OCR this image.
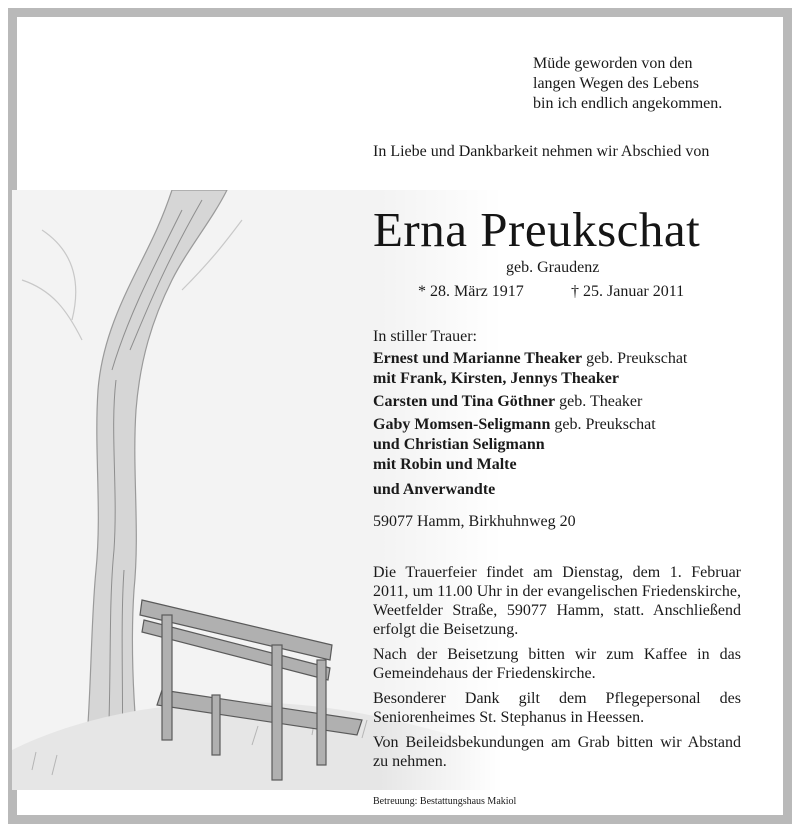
Müde geworden von den
langen Wegen des Lebens
bin ich endlich angekommen.
In Liebe und Dankbarkeit nehmen wir Abschied von
Erna Preukschat
geb. Graudenz
* 28. März 1917	† 25. Januar 2011
In stiller Trauer:
Ernest und Marianne Theaker geb. Preukschat
mit Frank, Kirsten, Jennys Theaker
Carsten und Tina Göthner geb. Theaker
Gaby Momsen-Seligmann geb. Preukschat
und Christian Seligmann
mit Robin und Malte
und Anverwandte
59077 Hamm, Birkhuhnweg 20

Die Trauerfeier findet am Dienstag, dem 1. Februar 2011, um 11.00 Uhr in der evangelischen Friedenskirche, Weetfelder Straße, 59077 Hamm, statt. Anschließend erfolgt die Beisetzung.

Nach der Beisetzung bitten wir zum Kaffee in das Gemeindehaus der Friedenskirche.

Besonderer Dank gilt dem Pflegepersonal des Seniorenheimes St. Stephanus in Heessen.

Von Beileidsbekundungen am Grab bitten wir Abstand zu nehmen.

Betreuung: Bestattungshaus Makiol
